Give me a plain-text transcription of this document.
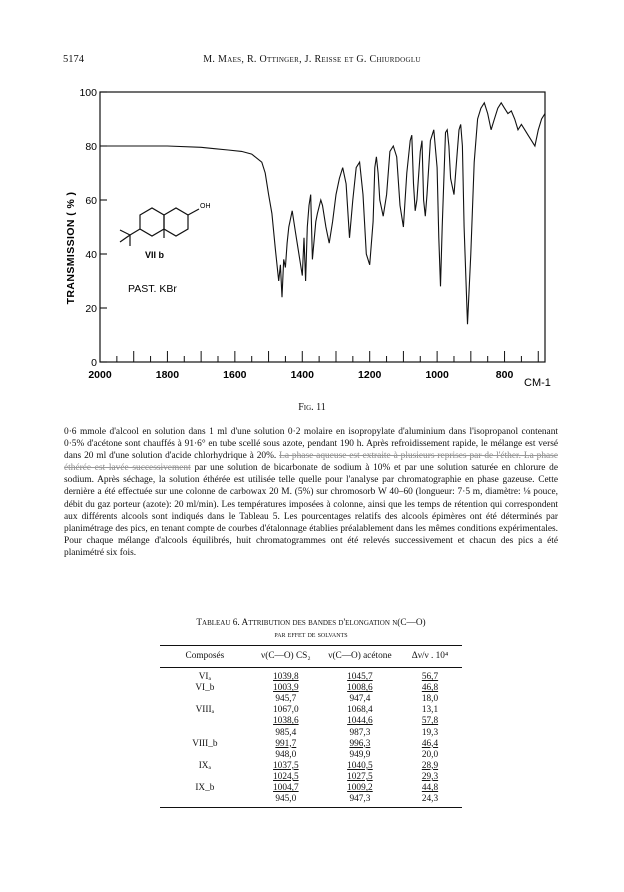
5174	M. Maes, R. Ottinger, J. Reisse et G. Chiurdoglu
0
20
40
60
80
100
2000	1800	1600	1400	1200	1000	800
TRANSMISSION ( % )
CM-1
OH
VII b
PAST. KBr
Fig. 11

0·6 mmole d'alcool en solution dans 1 ml d'une solution 0·2 molaire en isopropylate d'aluminium dans l'isopropanol contenant 0·5% d'acétone sont chauffés à 91·6° en tube scellé sous azote, pendant 190 h. Après refroidissement rapide, le mélange est versé dans 20 ml d'une solution d'acide chlorhydrique à 20%. La phase aqueuse est extraite à plusieurs reprises par de l'éther. La phase éthérée est lavée successivement par une solution de bicarbonate de sodium à 10% et par une solution saturée en chlorure de sodium. Après séchage, la solution éthérée est utilisée telle quelle pour l'analyse par chromatographie en phase gazeuse. Cette dernière a été effectuée sur une colonne de carbowax 20 M. (5%) sur chromosorb W 40–60 (longueur: 7·5 m, diamètre: ⅛ pouce, débit du gaz porteur (azote): 20 ml/min). Les températures imposées à colonne, ainsi que les temps de rétention qui correspondent aux différents alcools sont indiqués dans le Tableau 5. Les pourcentages relatifs des alcools épimères ont été déterminés par planimétrage des pics, en tenant compte de courbes d'étalonnage établies préalablement dans les mêmes conditions expérimentales. Pour chaque mélange d'alcools équilibrés, huit chromatogrammes ont été relevés successivement et chacun des pics a été planimétré six fois.

Tableau 6. Attribution des bandes d'elongation ν(C—O)
par effet de solvants
Composés	ν(C—O) CS₂	ν(C—O) acétone	Δν/ν . 10⁴
VIₐ	1039,8	1045,7	56,7
VI_b	1003,9	1008,6	46,8
	945,7	947,4	18,0
VIIIₐ	1067,0	1068,4	13,1
	1038,6	1044,6	57,8
	985,4	987,3	19,3
VIII_b	991,7	996,3	46,4
	948,0	949,9	20,0
IXₐ	1037,5	1040,5	28,9
	1024,5	1027,5	29,3
IX_b	1004,7	1009,2	44,8
	945,0	947,3	24,3
